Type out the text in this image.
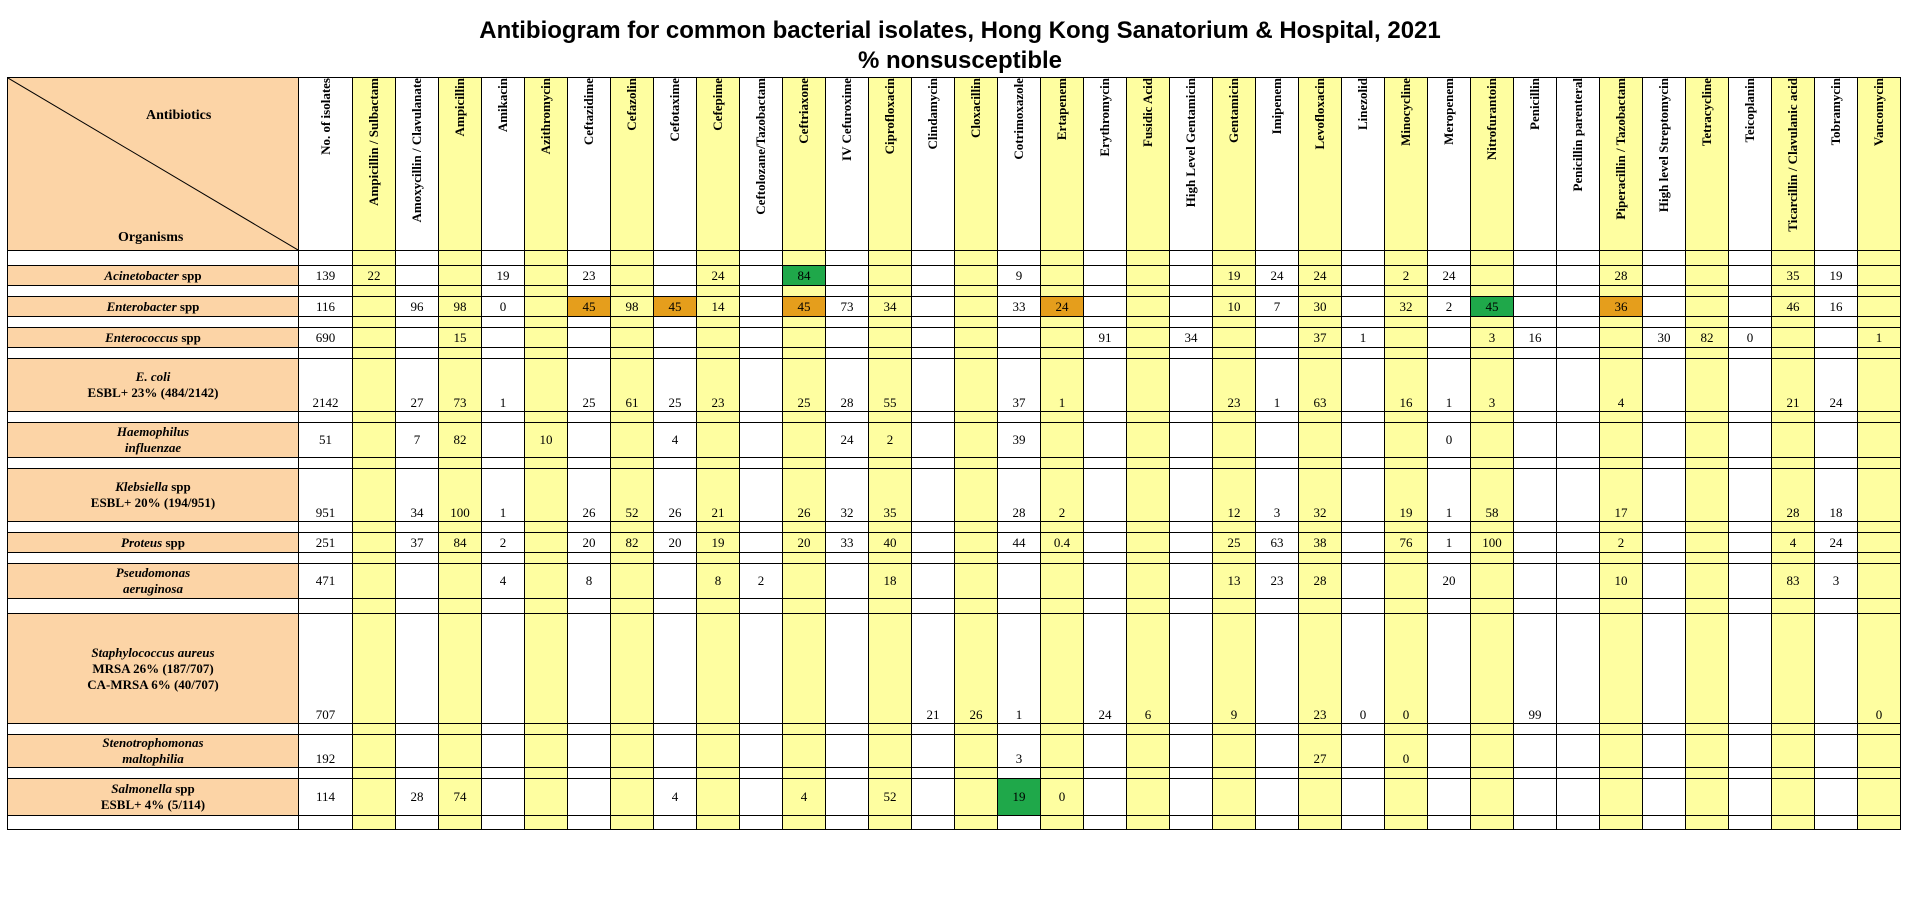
Antibiogram for common bacterial isolates, Hong Kong Sanatorium & Hospital, 2021
% nonsusceptible
Antibiotics
Organisms	No. of isolates	Ampicillin / Sulbactam	Amoxycillin / Clavulanate	Ampicillin	Amikacin	Azithromycin	Ceftazidime	Cefazolin	Cefotaxime	Cefepime	Ceftolozane/Tazobactam	Ceftriaxone	IV Cefuroxime	Ciprofloxacin	Clindamycin	Cloxacillin	Cotrimoxazole	Ertapenem	Erythromycin	Fusidic Acid	High Level Gentamicin	Gentamicin	Imipenem	Levofloxacin	Linezolid	Minocycline	Meropenem	Nitrofurantoin	Penicillin	Penicillin parenteral	Piperacillin / Tazobactam	High level Streptomycin	Tetracycline	Teicoplanin	Ticarcillin / Clavulanic acid	Tobramycin	Vancomycin

Acinetobacter spp	139	22			19		23			24		84					9					19	24	24		2	24				28				35	19	

Enterobacter spp	116		96	98	0		45	98	45	14		45	73	34			33	24				10	7	30		32	2	45			36				46	16	

Enterococcus spp	690			15															91		34			37	1			3	16			30	82	0			1

E. coli
ESBL+ 23% (484/2142)	2142		27	73	1		25	61	25	23		25	28	55			37	1				23	1	63		16	1	3			4				21	24	

Haemophilus
influenzae	51		7	82		10			4				24	2			39										0										

Klebsiella spp
ESBL+ 20% (194/951)	951		34	100	1		26	52	26	21		26	32	35			28	2				12	3	32		19	1	58			17				28	18	

Proteus spp	251		37	84	2		20	82	20	19		20	33	40			44	0.4				25	63	38		76	1	100			2				4	24	

Pseudomonas
aeruginosa	471				4		8			8	2			18								13	23	28			20				10				83	3	

Staphylococcus aureus
MRSA 26% (187/707)
CA-MRSA 6% (40/707)	707														21	26	1		24	6		9		23	0	0			99								0

Stenotrophomonas
maltophilia	192																3							27		0											

Salmonella spp
ESBL+ 4% (5/114)	114		28	74					4			4		52			19	0																			
